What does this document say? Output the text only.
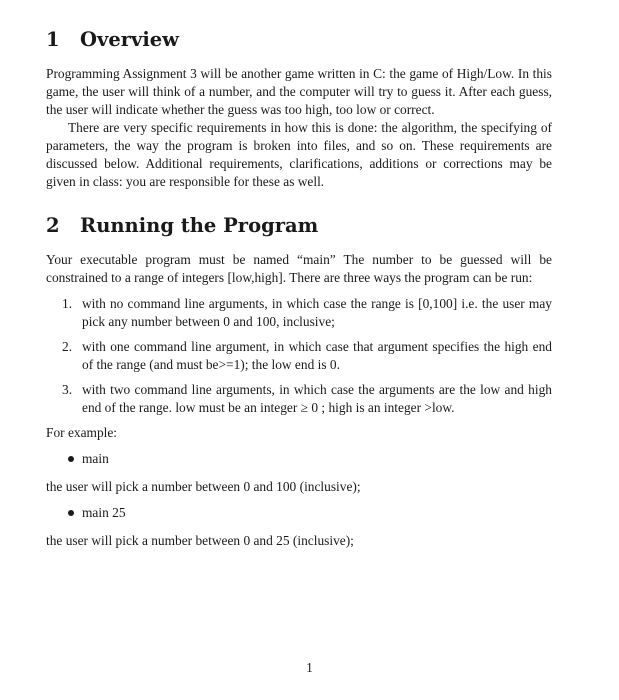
1 Overview

Programming Assignment 3 will be another game written in C: the game of High/Low. In this game, the user will think of a number, and the computer will try to guess it. After each guess, the user will indicate whether the guess was too high, too low or correct.

There are very specific requirements in how this is done: the algorithm, the specifying of parameters, the way the program is broken into files, and so on. These requirements are discussed below. Additional requirements, clarifications, additions or corrections may be given in class: you are responsible for these as well.

2 Running the Program

Your executable program must be named “main” The number to be guessed will be constrained to a range of integers [low,high]. There are three ways the program can be run:

1. with no command line arguments, in which case the range is [0,100] i.e. the user may pick any number between 0 and 100, inclusive;
2. with one command line argument, in which case that argument specifies the high end of the range (and must be>=1); the low end is 0.
3. with two command line arguments, in which case the arguments are the low and high end of the range. low must be an integer ≥ 0 ; high is an integer >low.

For example:

main

the user will pick a number between 0 and 100 (inclusive);

main 25

the user will pick a number between 0 and 25 (inclusive);

1
